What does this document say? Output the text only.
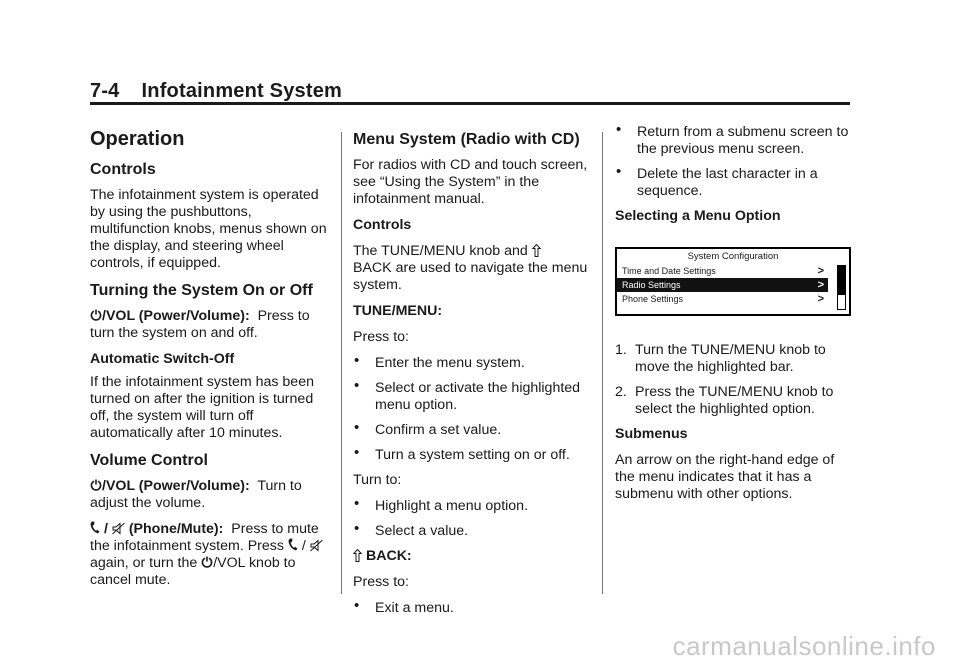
7-4 Infotainment System
Operation
Controls

The infotainment system is operated by using the pushbuttons, multifunction knobs, menus shown on the display, and steering wheel controls, if equipped.

Turning the System On or Off

/VOL (Power/Volume): Press to turn the system on and off.

Automatic Switch-Off

If the infotainment system has been turned on after the ignition is turned off, the system will turn off automatically after 10 minutes.

Volume Control

/VOL (Power/Volume): Turn to adjust the volume.

/ (Phone/Mute): Press to mute the infotainment system. Press /  again, or turn the /VOL knob to cancel mute.

Menu System (Radio with CD)

For radios with CD and touch screen, see “Using the System” in the infotainment manual.

Controls

The TUNE/MENU knob and
BACK are used to navigate the menu system.

TUNE/MENU:

Press to:

• Enter the menu system.
• Select or activate the highlighted menu option.
• Confirm a set value.
• Turn a system setting on or off.

Turn to:

• Highlight a menu option.
• Select a value.

BACK:

Press to:

• Exit a menu.
• Return from a submenu screen to the previous menu screen.
• Delete the last character in a sequence.

Selecting a Menu Option

System Configuration
Time and Date Settings	>
Radio Settings	>
Phone Settings	>
1. Turn the TUNE/MENU knob to move the highlighted bar.
2. Press the TUNE/MENU knob to select the highlighted option.

Submenus

An arrow on the right-hand edge of the menu indicates that it has a submenu with other options.

carmanualsonline.info
